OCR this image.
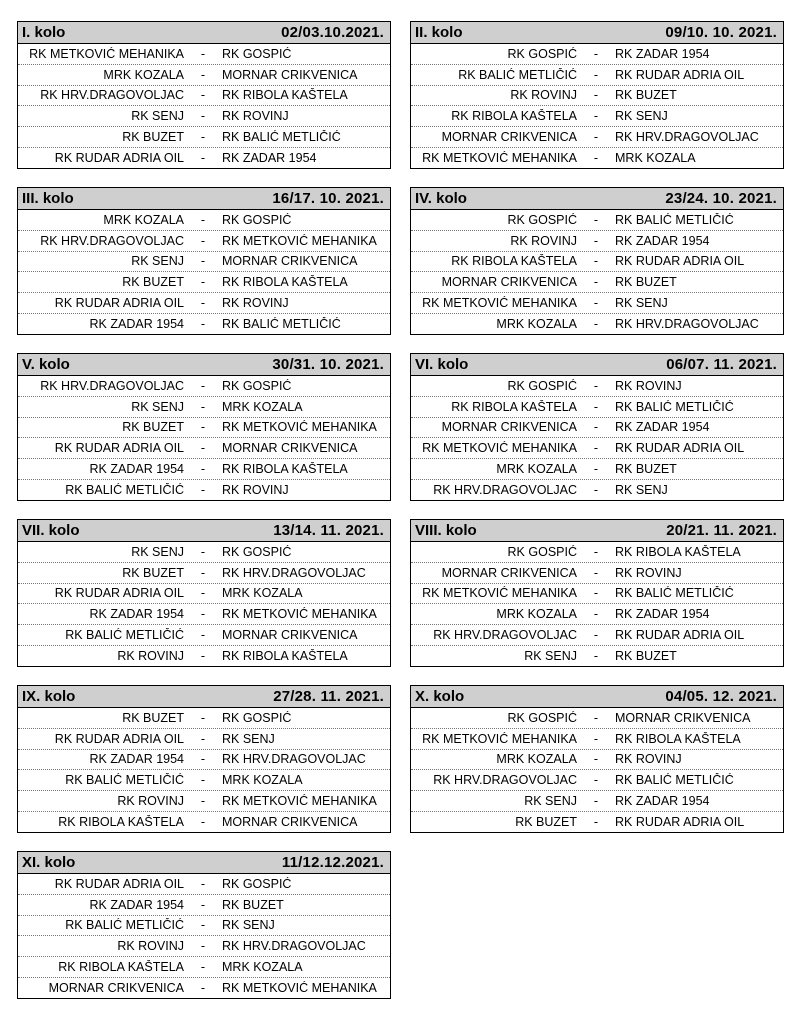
I. kolo	02/03.10.2021.
RK METKOVIĆ MEHANIKA	-	RK GOSPIĆ
MRK KOZALA	-	MORNAR CRIKVENICA
RK HRV.DRAGOVOLJAC	-	RK RIBOLA KAŠTELA
RK SENJ	-	RK ROVINJ
RK BUZET	-	RK BALIĆ METLIČIĆ
RK RUDAR ADRIA OIL	-	RK ZADAR 1954
II. kolo	09/10. 10. 2021.
RK GOSPIĆ	-	RK ZADAR 1954
RK BALIĆ METLIČIĆ	-	RK RUDAR ADRIA OIL
RK ROVINJ	-	RK BUZET
RK RIBOLA KAŠTELA	-	RK SENJ
MORNAR CRIKVENICA	-	RK HRV.DRAGOVOLJAC
RK METKOVIĆ MEHANIKA	-	MRK KOZALA
III. kolo	16/17. 10. 2021.
MRK KOZALA	-	RK GOSPIĆ
RK HRV.DRAGOVOLJAC	-	RK METKOVIĆ MEHANIKA
RK SENJ	-	MORNAR CRIKVENICA
RK BUZET	-	RK RIBOLA KAŠTELA
RK RUDAR ADRIA OIL	-	RK ROVINJ
RK ZADAR 1954	-	RK BALIĆ METLIČIĆ
IV. kolo	23/24. 10. 2021.
RK GOSPIĆ	-	RK BALIĆ METLIČIĆ
RK ROVINJ	-	RK ZADAR 1954
RK RIBOLA KAŠTELA	-	RK RUDAR ADRIA OIL
MORNAR CRIKVENICA	-	RK BUZET
RK METKOVIĆ MEHANIKA	-	RK SENJ
MRK KOZALA	-	RK HRV.DRAGOVOLJAC
V. kolo	30/31. 10. 2021.
RK HRV.DRAGOVOLJAC	-	RK GOSPIĆ
RK SENJ	-	MRK KOZALA
RK BUZET	-	RK METKOVIĆ MEHANIKA
RK RUDAR ADRIA OIL	-	MORNAR CRIKVENICA
RK ZADAR 1954	-	RK RIBOLA KAŠTELA
RK BALIĆ METLIČIĆ	-	RK ROVINJ
VI. kolo	06/07. 11. 2021.
RK GOSPIĆ	-	RK ROVINJ
RK RIBOLA KAŠTELA	-	RK BALIĆ METLIČIĆ
MORNAR CRIKVENICA	-	RK ZADAR 1954
RK METKOVIĆ MEHANIKA	-	RK RUDAR ADRIA OIL
MRK KOZALA	-	RK BUZET
RK HRV.DRAGOVOLJAC	-	RK SENJ
VII. kolo	13/14. 11. 2021.
RK SENJ	-	RK GOSPIĆ
RK BUZET	-	RK HRV.DRAGOVOLJAC
RK RUDAR ADRIA OIL	-	MRK KOZALA
RK ZADAR 1954	-	RK METKOVIĆ MEHANIKA
RK BALIĆ METLIČIĆ	-	MORNAR CRIKVENICA
RK ROVINJ	-	RK RIBOLA KAŠTELA
VIII. kolo	20/21. 11. 2021.
RK GOSPIĆ	-	RK RIBOLA KAŠTELA
MORNAR CRIKVENICA	-	RK ROVINJ
RK METKOVIĆ MEHANIKA	-	RK BALIĆ METLIČIĆ
MRK KOZALA	-	RK ZADAR 1954
RK HRV.DRAGOVOLJAC	-	RK RUDAR ADRIA OIL
RK SENJ	-	RK BUZET
IX. kolo	27/28. 11. 2021.
RK BUZET	-	RK GOSPIĆ
RK RUDAR ADRIA OIL	-	RK SENJ
RK ZADAR 1954	-	RK HRV.DRAGOVOLJAC
RK BALIĆ METLIČIĆ	-	MRK KOZALA
RK ROVINJ	-	RK METKOVIĆ MEHANIKA
RK RIBOLA KAŠTELA	-	MORNAR CRIKVENICA
X. kolo	04/05. 12. 2021.
RK GOSPIĆ	-	MORNAR CRIKVENICA
RK METKOVIĆ MEHANIKA	-	RK RIBOLA KAŠTELA
MRK KOZALA	-	RK ROVINJ
RK HRV.DRAGOVOLJAC	-	RK BALIĆ METLIČIĆ
RK SENJ	-	RK ZADAR 1954
RK BUZET	-	RK RUDAR ADRIA OIL
XI. kolo	11/12.12.2021.
RK RUDAR ADRIA OIL	-	RK GOSPIĆ
RK ZADAR 1954	-	RK BUZET
RK BALIĆ METLIČIĆ	-	RK SENJ
RK ROVINJ	-	RK HRV.DRAGOVOLJAC
RK RIBOLA KAŠTELA	-	MRK KOZALA
MORNAR CRIKVENICA	-	RK METKOVIĆ MEHANIKA
